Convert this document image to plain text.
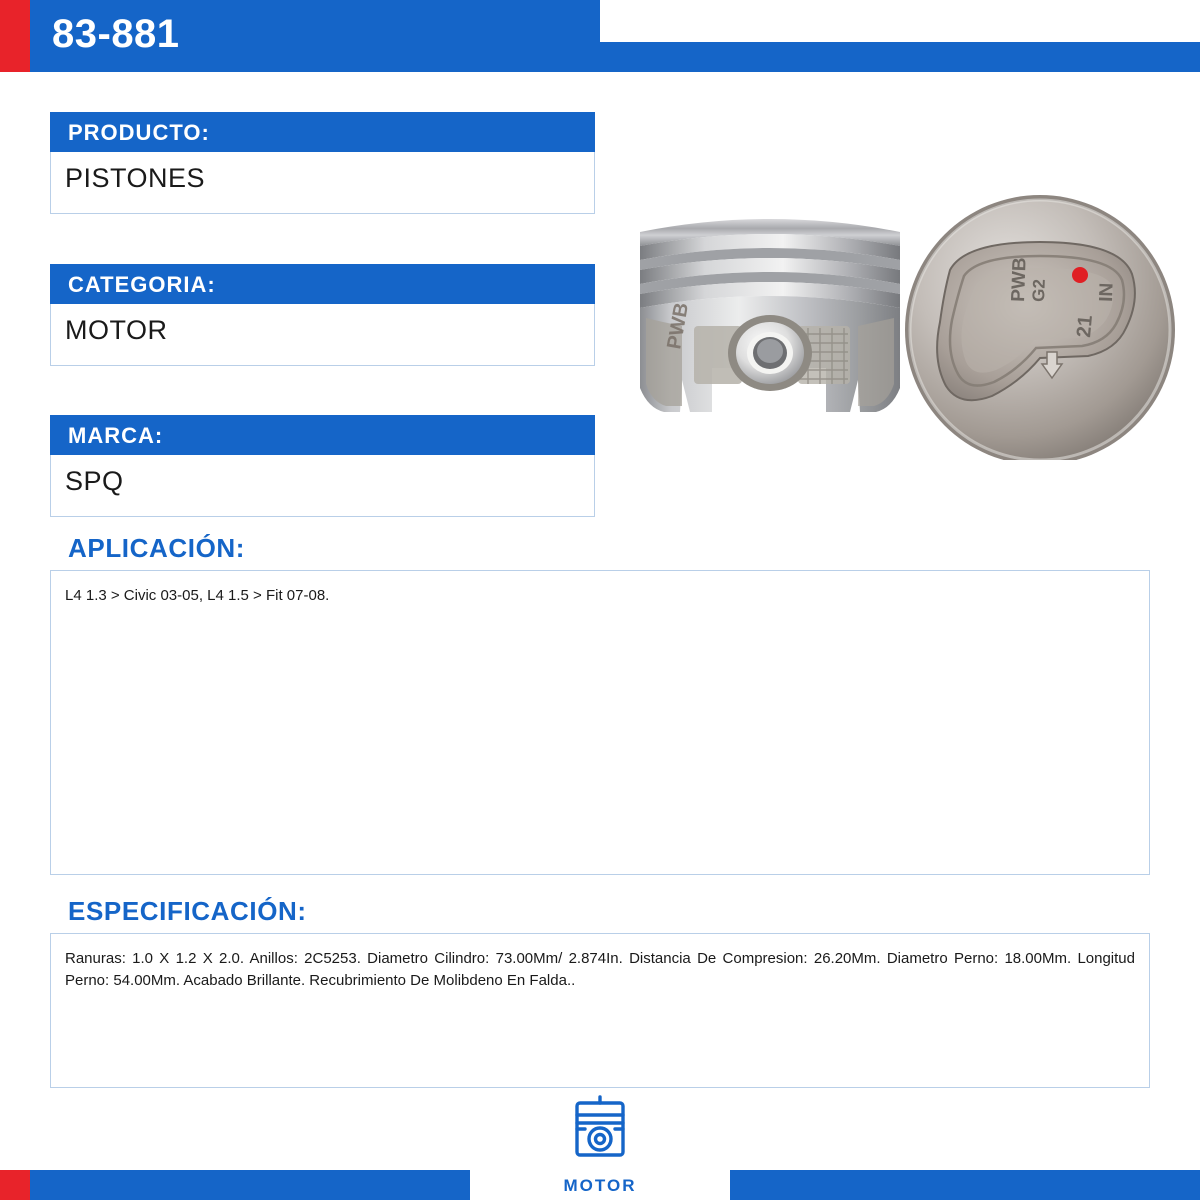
83-881
PRODUCTO:
PISTONES
CATEGORIA:
MOTOR
MARCA:
SPQ
PWB
PWB
G2 IN
21
APLICACIÓN:
L4 1.3 > Civic 03-05, L4 1.5 > Fit 07-08.
ESPECIFICACIÓN:
Ranuras: 1.0 X 1.2 X 2.0. Anillos: 2C5253. Diametro Cilindro: 73.00Mm/ 2.874In. Distancia De Compresion: 26.20Mm. Diametro Perno: 18.00Mm. Longitud Perno: 54.00Mm. Acabado Brillante. Recubrimiento De Molibdeno En Falda..
MOTOR
